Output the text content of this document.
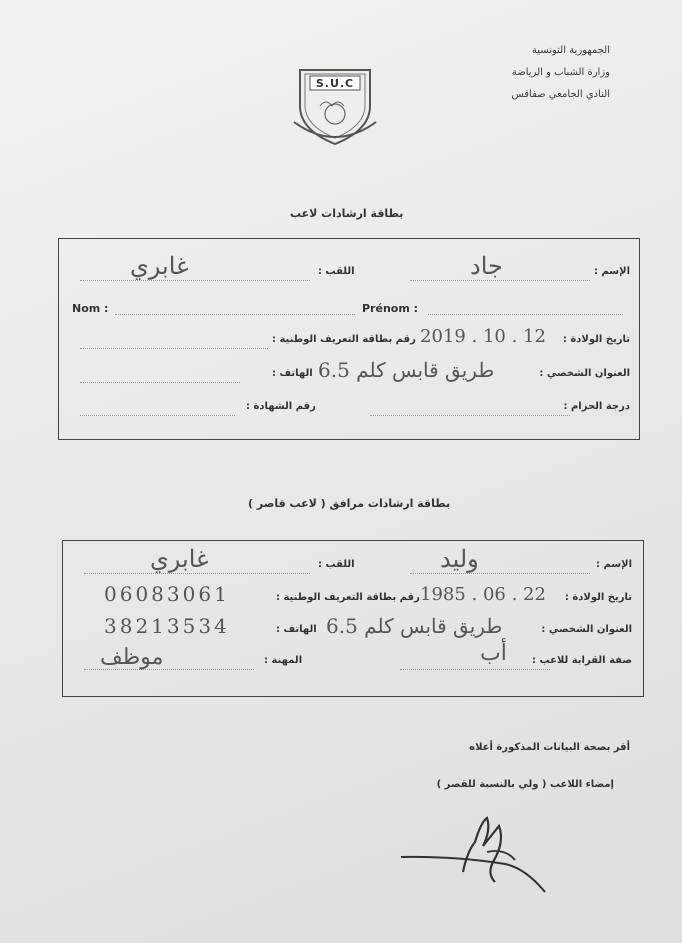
الجمهورية التونسية
وزارة الشباب و الرياضة
النادي الجامعي صفاقس
S.U.C
بطاقة ارشادات لاعب
الإسم :
جاد
اللقب :
غابري
Nom :	Prénom :
تاريخ الولادة :
2019 . 10 . 12
رقم بطاقة التعريف الوطنية :
العنوان الشخصي :
طريق قابس كلم 6.5
الهاتف :
درجة الحزام :
رقم الشهادة :
بطاقة ارشادات مرافق ( لاعب قاصر )
الإسم :
وليد
اللقب :
غابري
تاريخ الولادة :
1985 . 06 . 22
رقم بطاقة التعريف الوطنية :
06083061
العنوان الشخصي :
طريق قابس كلم 6.5
الهاتف :
38213534
صفة القرابة للاعب :
أب
المهنة :
موظف
أقر بصحة البيانات المذكورة أعلاه
إمضاء اللاعب ( ولي بالنسبة للقصر )
